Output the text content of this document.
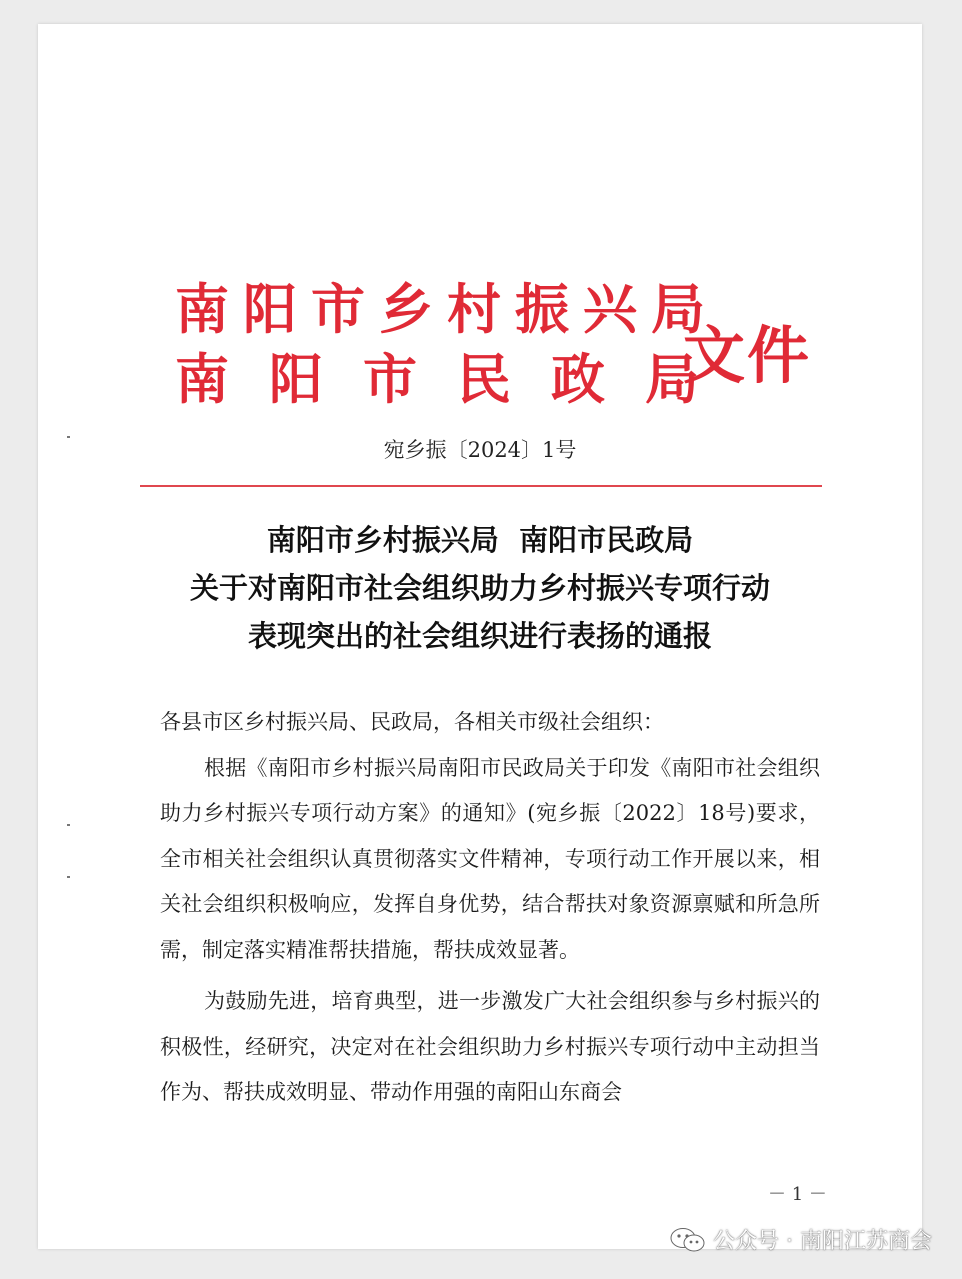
南阳市乡村振兴局
南阳市民政局
文件
宛乡振〔2024〕1号
南阳市乡村振兴局  南阳市民政局
关于对南阳市社会组织助力乡村振兴专项行动
表现突出的社会组织进行表扬的通报

各县市区乡村振兴局、民政局，各相关市级社会组织：

根据《南阳市乡村振兴局南阳市民政局关于印发《南阳市社会组织助力乡村振兴专项行动方案》的通知》(宛乡振〔2022〕18号)要求，全市相关社会组织认真贯彻落实文件精神，专项行动工作开展以来，相关社会组织积极响应，发挥自身优势，结合帮扶对象资源禀赋和所急所需，制定落实精准帮扶措施，帮扶成效显著。

为鼓励先进，培育典型，进一步激发广大社会组织参与乡村振兴的积极性，经研究，决定对在社会组织助力乡村振兴专项行动中主动担当作为、帮扶成效明显、带动作用强的南阳山东商会

－ 1 －
公众号 · 南阳江苏商会
